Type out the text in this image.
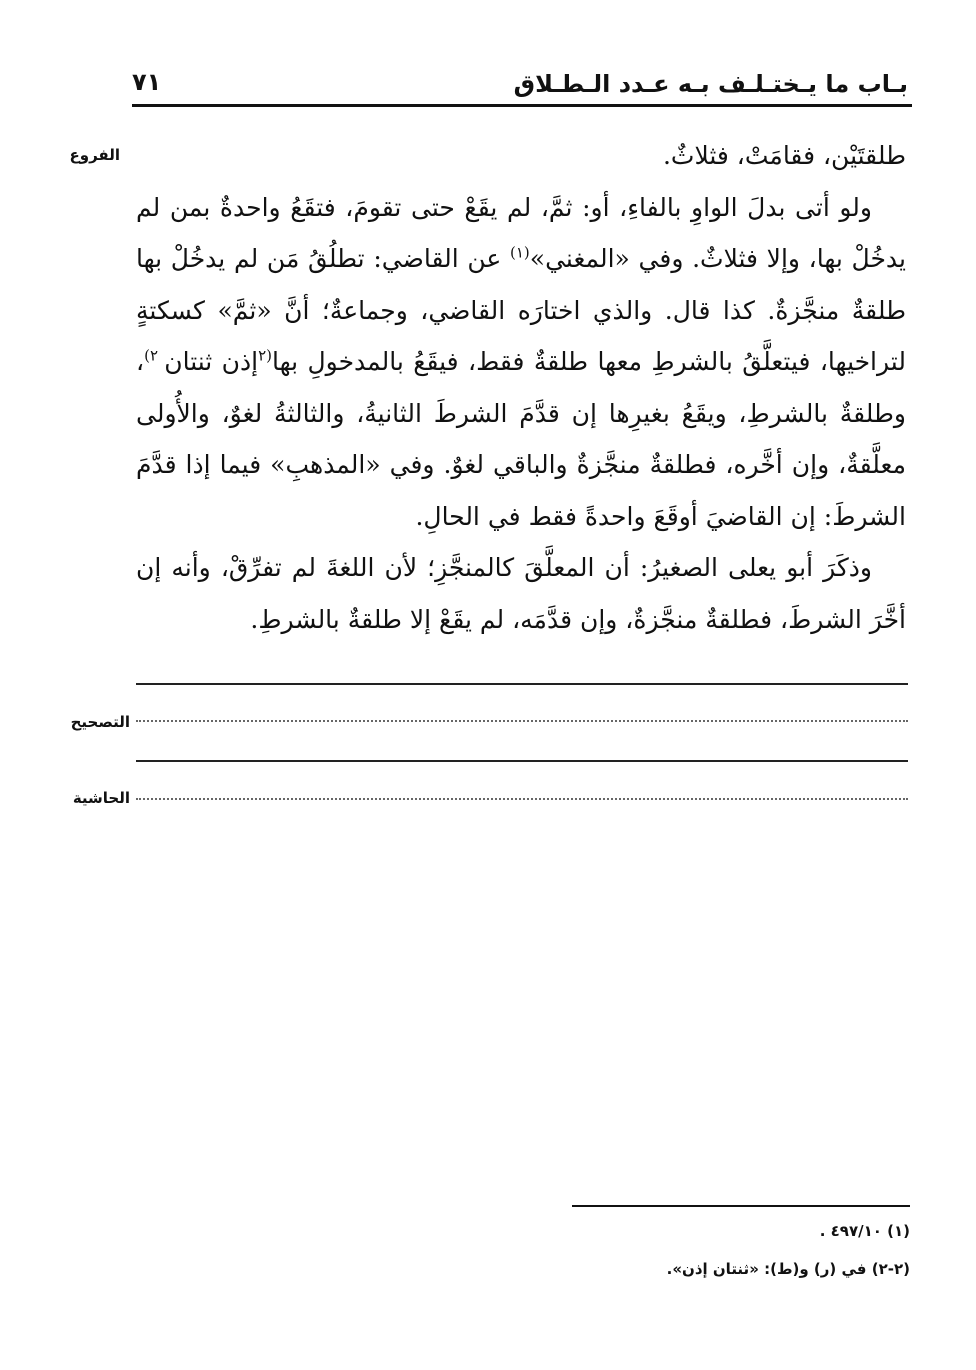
بـاب ما يـختـلـف بـه عـدد الـطـلاق
٧١
الفروع	طلقتَيْن، فقامَتْ، فثلاثٌ.

ولو أتى بدلَ الواوِ بالفاءِ، أو: ثمَّ، لم يقَعْ حتى تقومَ، فتقَعُ واحدةٌ بمن لم يدخُلْ بها، وإلا فثلاثٌ. وفي «المغني»$^{(١)}$ عن القاضي: تطلُقُ مَن لم يدخُلْ بها طلقةٌ منجَّزةٌ. كذا قال. والذي اختارَه القاضي، وجماعةٌ؛ أنَّ «ثمَّ» كسكتةٍ لتراخيها، فيتعلَّقُ بالشرطِ معها طلقةٌ فقط، فيقَعُ بالمدخولِ بها$^{(٢}$إذن ثنتان $^{٢)}$، وطلقةٌ بالشرطِ، ويقَعُ بغيرِها إن قدَّمَ الشرطَ الثانيةُ، والثالثةُ لغوٌ، والأُولى معلَّقةٌ، وإن أخَّره، فطلقةٌ منجَّزةٌ والباقي لغوٌ. وفي «المذهبِ» فيما إذا قدَّمَ الشرطَ: إن القاضيَ أوقَعَ واحدةً فقط في الحالِ.

وذكَرَ أبو يعلى الصغيرُ: أن المعلَّقَ كالمنجَّزِ؛ لأن اللغةَ لم تفرِّقْ، وأنه إن أخَّرَ الشرطَ، فطلقةٌ منجَّزةٌ، وإن قدَّمَه، لم يقَعْ إلا طلقةٌ بالشرطِ.

التصحيح
الحاشية
(١) ٤٩٧/١٠ .
(٢-٢) في (ر) و(ط): «ثنتان إذن».
